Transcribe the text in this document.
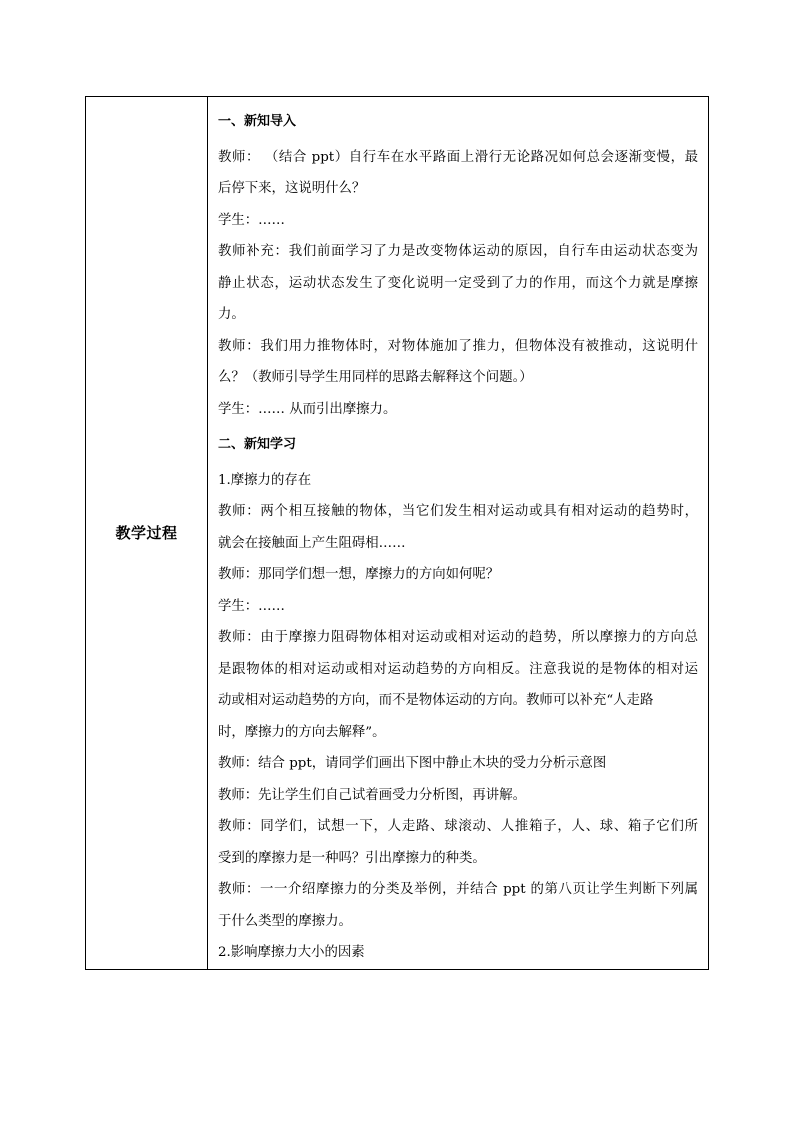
教学过程	
一、新知导入
教师： （结合 ppt）自行车在水平路面上滑行无论路况如何总会逐渐变慢，最
后停下来，这说明什么？
学生：……
教师补充：我们前面学习了力是改变物体运动的原因，自行车由运动状态变为
静止状态，运动状态发生了变化说明一定受到了力的作用，而这个力就是摩擦
力。
教师：我们用力推物体时，对物体施加了推力，但物体没有被推动，这说明什
么？（教师引导学生用同样的思路去解释这个问题。）
学生：…… 从而引出摩擦力。
二、新知学习
1.摩擦力的存在
教师：两个相互接触的物体，当它们发生相对运动或具有相对运动的趋势时，
就会在接触面上产生阻碍相……
教师：那同学们想一想，摩擦力的方向如何呢？
学生：……
教师：由于摩擦力阻碍物体相对运动或相对运动的趋势，所以摩擦力的方向总
是跟物体的相对运动或相对运动趋势的方向相反。注意我说的是物体的相对运
动或相对运动趋势的方向，而不是物体运动的方向。教师可以补充“人走路
时，摩擦力的方向去解释”。
教师：结合 ppt，请同学们画出下图中静止木块的受力分析示意图
教师：先让学生们自己试着画受力分析图，再讲解。
教师：同学们，试想一下，人走路、球滚动、人推箱子，人、球、箱子它们所
受到的摩擦力是一种吗？引出摩擦力的种类。
教师：一一介绍摩擦力的分类及举例，并结合 ppt 的第八页让学生判断下列属
于什么类型的摩擦力。
2.影响摩擦力大小的因素
